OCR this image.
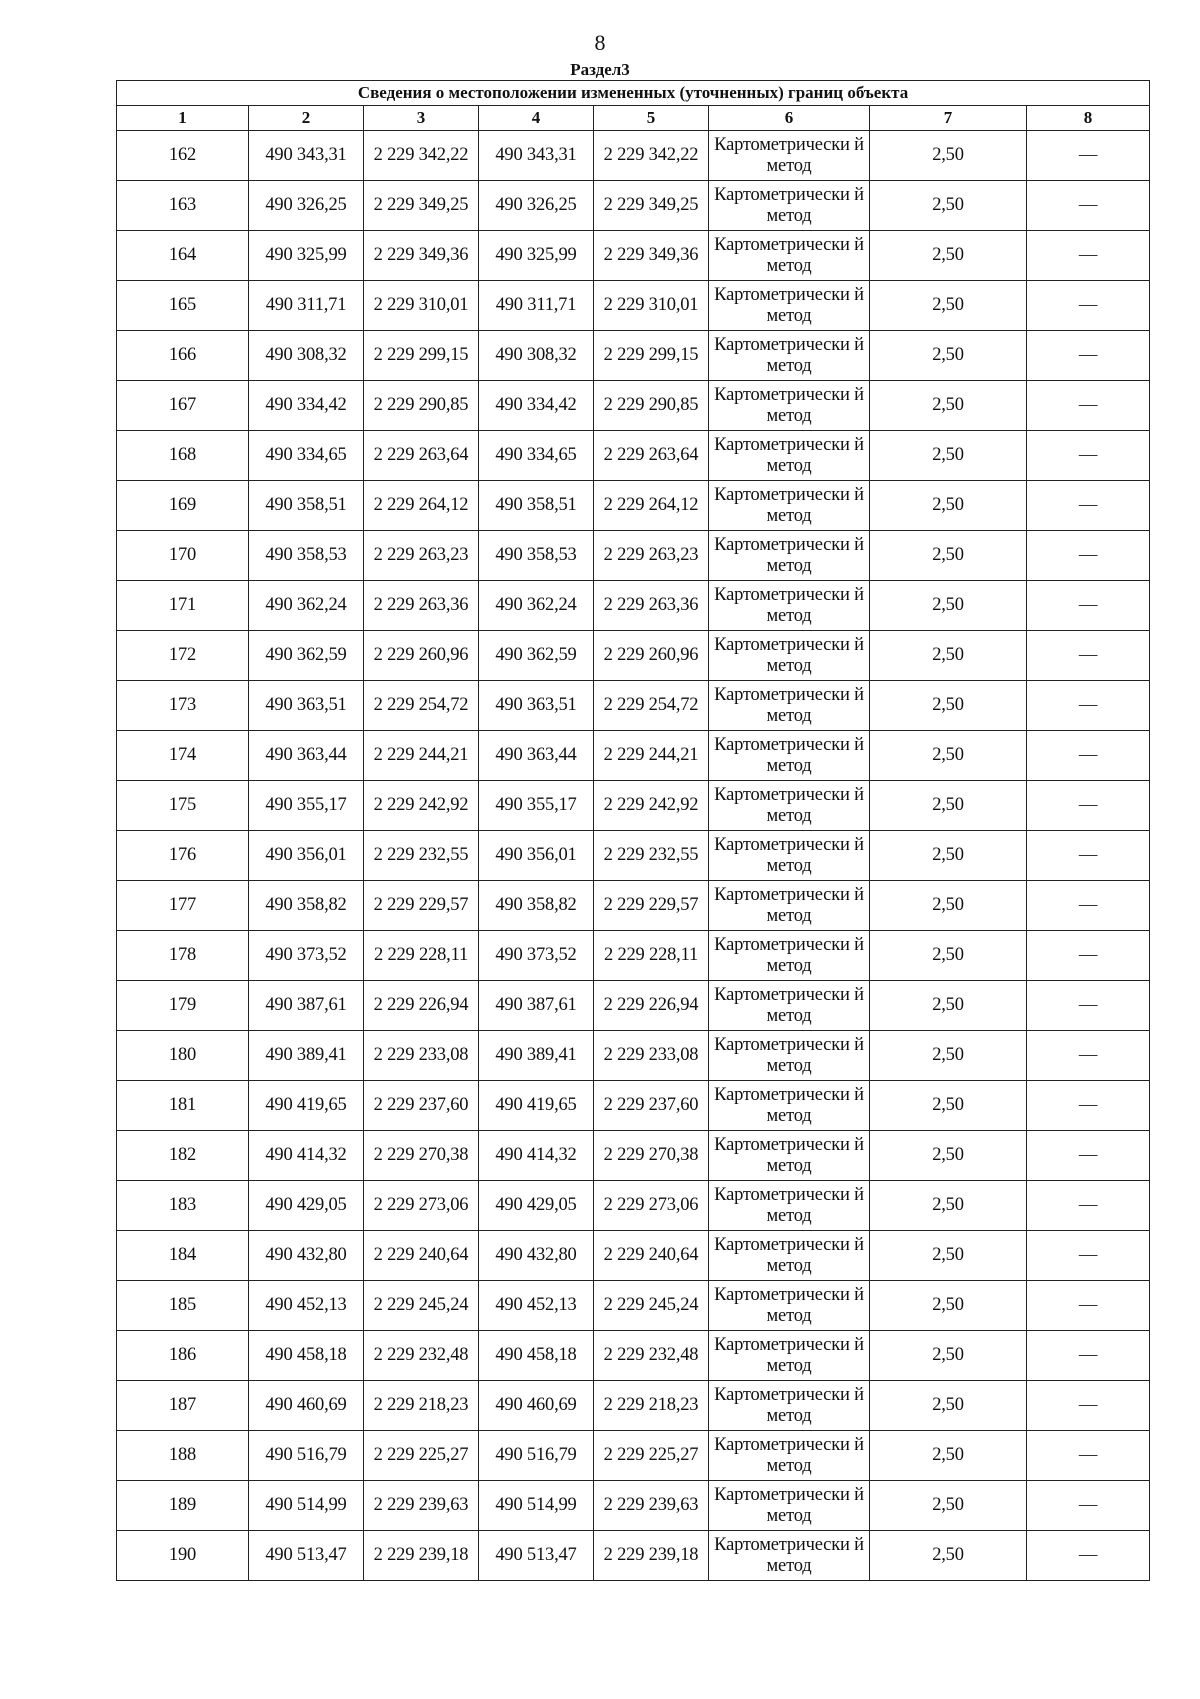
8
Раздел3
Сведения о местоположении измененных (уточненных) границ объекта							
1	2	3	4	5	6	7	8
162	490 343,31	2 229 342,22	490 343,31	2 229 342,22	Картометрически й метод	2,50	—
163	490 326,25	2 229 349,25	490 326,25	2 229 349,25	Картометрически й метод	2,50	—
164	490 325,99	2 229 349,36	490 325,99	2 229 349,36	Картометрически й метод	2,50	—
165	490 311,71	2 229 310,01	490 311,71	2 229 310,01	Картометрически й метод	2,50	—
166	490 308,32	2 229 299,15	490 308,32	2 229 299,15	Картометрически й метод	2,50	—
167	490 334,42	2 229 290,85	490 334,42	2 229 290,85	Картометрически й метод	2,50	—
168	490 334,65	2 229 263,64	490 334,65	2 229 263,64	Картометрически й метод	2,50	—
169	490 358,51	2 229 264,12	490 358,51	2 229 264,12	Картометрически й метод	2,50	—
170	490 358,53	2 229 263,23	490 358,53	2 229 263,23	Картометрически й метод	2,50	—
171	490 362,24	2 229 263,36	490 362,24	2 229 263,36	Картометрически й метод	2,50	—
172	490 362,59	2 229 260,96	490 362,59	2 229 260,96	Картометрически й метод	2,50	—
173	490 363,51	2 229 254,72	490 363,51	2 229 254,72	Картометрически й метод	2,50	—
174	490 363,44	2 229 244,21	490 363,44	2 229 244,21	Картометрически й метод	2,50	—
175	490 355,17	2 229 242,92	490 355,17	2 229 242,92	Картометрически й метод	2,50	—
176	490 356,01	2 229 232,55	490 356,01	2 229 232,55	Картометрически й метод	2,50	—
177	490 358,82	2 229 229,57	490 358,82	2 229 229,57	Картометрически й метод	2,50	—
178	490 373,52	2 229 228,11	490 373,52	2 229 228,11	Картометрически й метод	2,50	—
179	490 387,61	2 229 226,94	490 387,61	2 229 226,94	Картометрически й метод	2,50	—
180	490 389,41	2 229 233,08	490 389,41	2 229 233,08	Картометрически й метод	2,50	—
181	490 419,65	2 229 237,60	490 419,65	2 229 237,60	Картометрически й метод	2,50	—
182	490 414,32	2 229 270,38	490 414,32	2 229 270,38	Картометрически й метод	2,50	—
183	490 429,05	2 229 273,06	490 429,05	2 229 273,06	Картометрически й метод	2,50	—
184	490 432,80	2 229 240,64	490 432,80	2 229 240,64	Картометрически й метод	2,50	—
185	490 452,13	2 229 245,24	490 452,13	2 229 245,24	Картометрически й метод	2,50	—
186	490 458,18	2 229 232,48	490 458,18	2 229 232,48	Картометрически й метод	2,50	—
187	490 460,69	2 229 218,23	490 460,69	2 229 218,23	Картометрически й метод	2,50	—
188	490 516,79	2 229 225,27	490 516,79	2 229 225,27	Картометрически й метод	2,50	—
189	490 514,99	2 229 239,63	490 514,99	2 229 239,63	Картометрически й метод	2,50	—
190	490 513,47	2 229 239,18	490 513,47	2 229 239,18	Картометрически й метод	2,50	—
